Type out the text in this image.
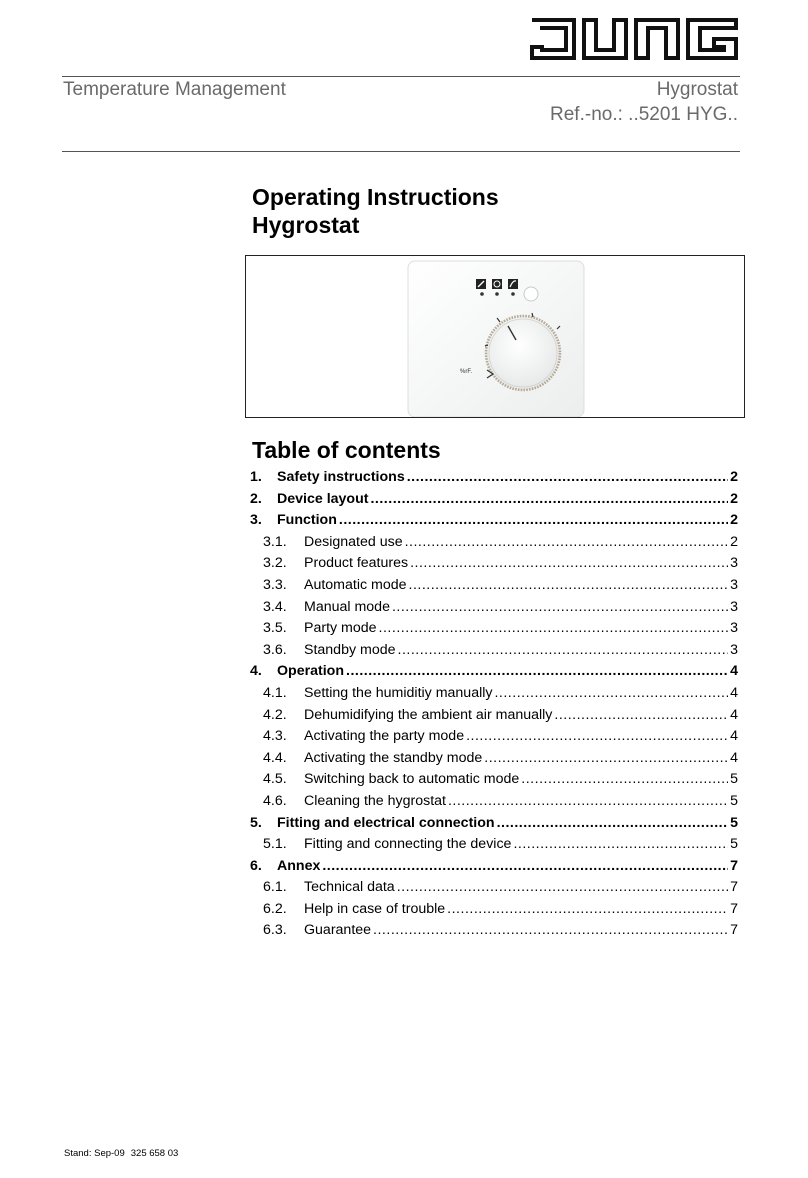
Temperature Management	Hygrostat
Ref.-no.: ..5201 HYG..
Operating Instructions
Hygrostat
%rF.
Table of contents
1.	Safety instructions .....	2
2.	Device layout .....	2
3.	Function .....	2
3.1.	Designated use .....	2
3.2.	Product features .....	3
3.3.	Automatic mode .....	3
3.4.	Manual mode .....	3
3.5.	Party mode .....	3
3.6.	Standby mode .....	3
4.	Operation .....	4
4.1.	Setting the humiditiy manually .....	4
4.2.	Dehumidifying the ambient air manually .....	4
4.3.	Activating the party mode .....	4
4.4.	Activating the standby mode .....	4
4.5.	Switching back to automatic mode .....	5
4.6.	Cleaning the hygrostat .....	5
5.	Fitting and electrical connection .....	5
5.1.	Fitting and connecting the device .....	5
6.	Annex .....	7
6.1.	Technical data .....	7
6.2.	Help in case of trouble .....	7
6.3.	Guarantee .....	7
Stand: Sep-09 325 658 03
